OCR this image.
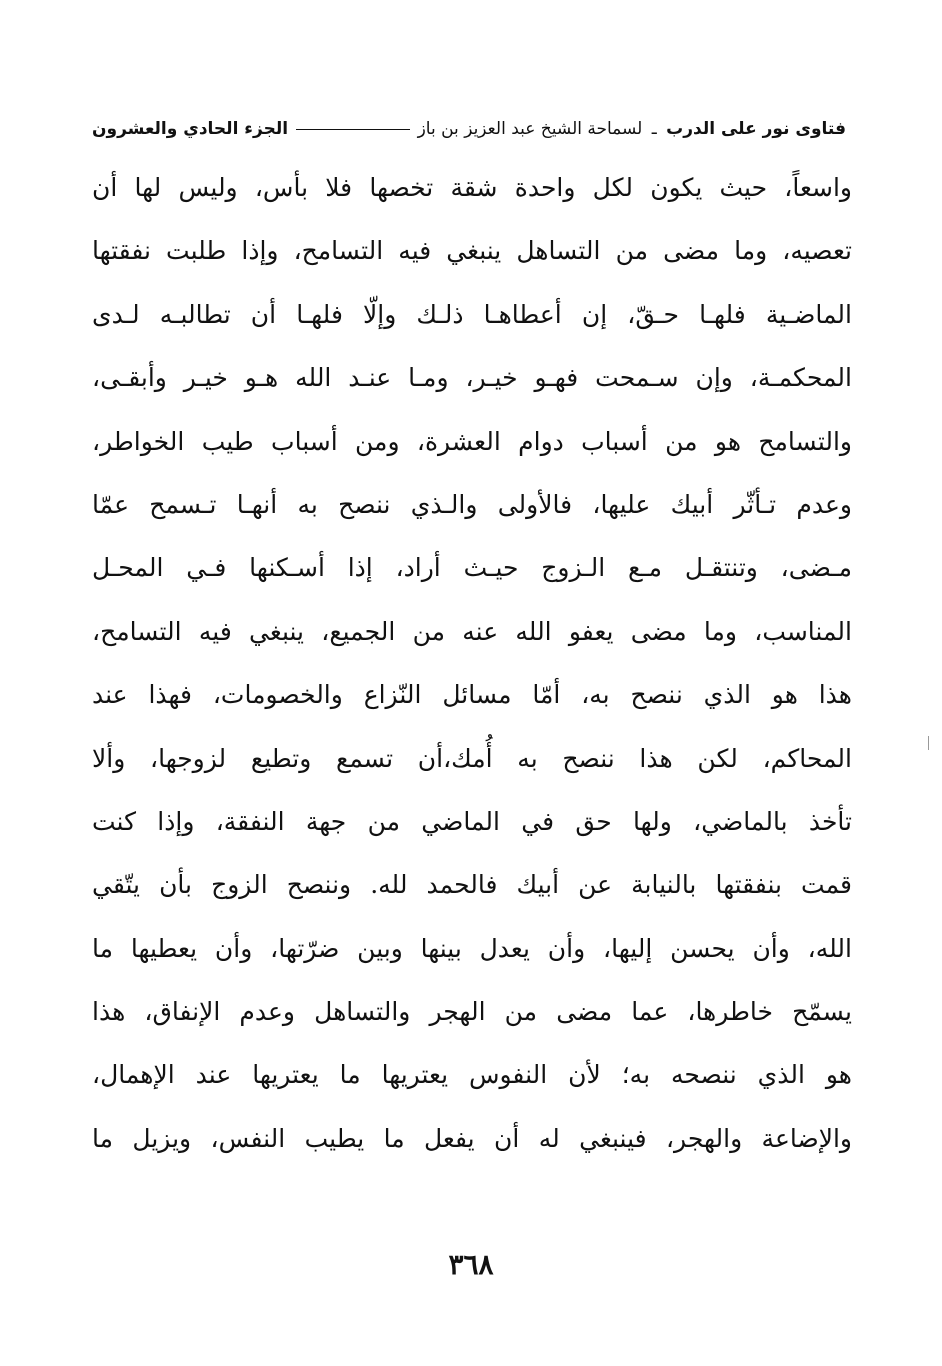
فتاوى نور على الدرب ـ لسماحة الشيخ عبد العزيز بن باز
الجزء الحادي والعشرون
واسعاً، حيث يكون لكل واحدة شقة تخصها فلا بأس، وليس لها أن
تعصيه، وما مضى من التساهل ينبغي فيه التسامح، وإذا طلبت نفقتها
الماضـية فلهـا حـقّ، إن أعطاهـا ذلـك وإلّا فلهـا أن تطالبـه لـدى
المحكمـة، وإن سـمحت فهـو خيـر، ومـا عنـد الله هـو خيـر وأبقـى،
والتسامح هو من أسباب دوام العشرة، ومن أسباب طيب الخواطر،
وعدم تـأثّر أبيك عليها، فالأولى والـذي ننصح به أنهـا تـسمح عمّا
مـضى، وتنتقـل مـع الـزوج حيـث أراد، إذا أسـكنها فـي المحـل
المناسب، وما مضى يعفو الله عنه من الجميع، ينبغي فيه التسامح،
هذا هو الذي ننصح به، أمّا مسائل النّزاع والخصومات، فهذا عند
المحاكم، لكن هذا ننصح به أُمك،أن تسمع وتطيع لزوجها، وألا
تأخذ بالماضي، ولها حق في الماضي من جهة النفقة، وإذا كنت
قمت بنفقتها بالنيابة عن أبيك فالحمد لله. وننصح الزوج بأن يتّقي
الله، وأن يحسن إليها، وأن يعدل بينها وبين ضرّتها، وأن يعطيها ما
يسمّح خاطرها، عما مضى من الهجر والتساهل وعدم الإنفاق، هذا
هو الذي ننصحه به؛ لأن النفوس يعتريها ما يعتريها عند الإهمال،
والإضاعة والهجر، فينبغي له أن يفعل ما يطيب النفس، ويزيل ما
٣٦٨
